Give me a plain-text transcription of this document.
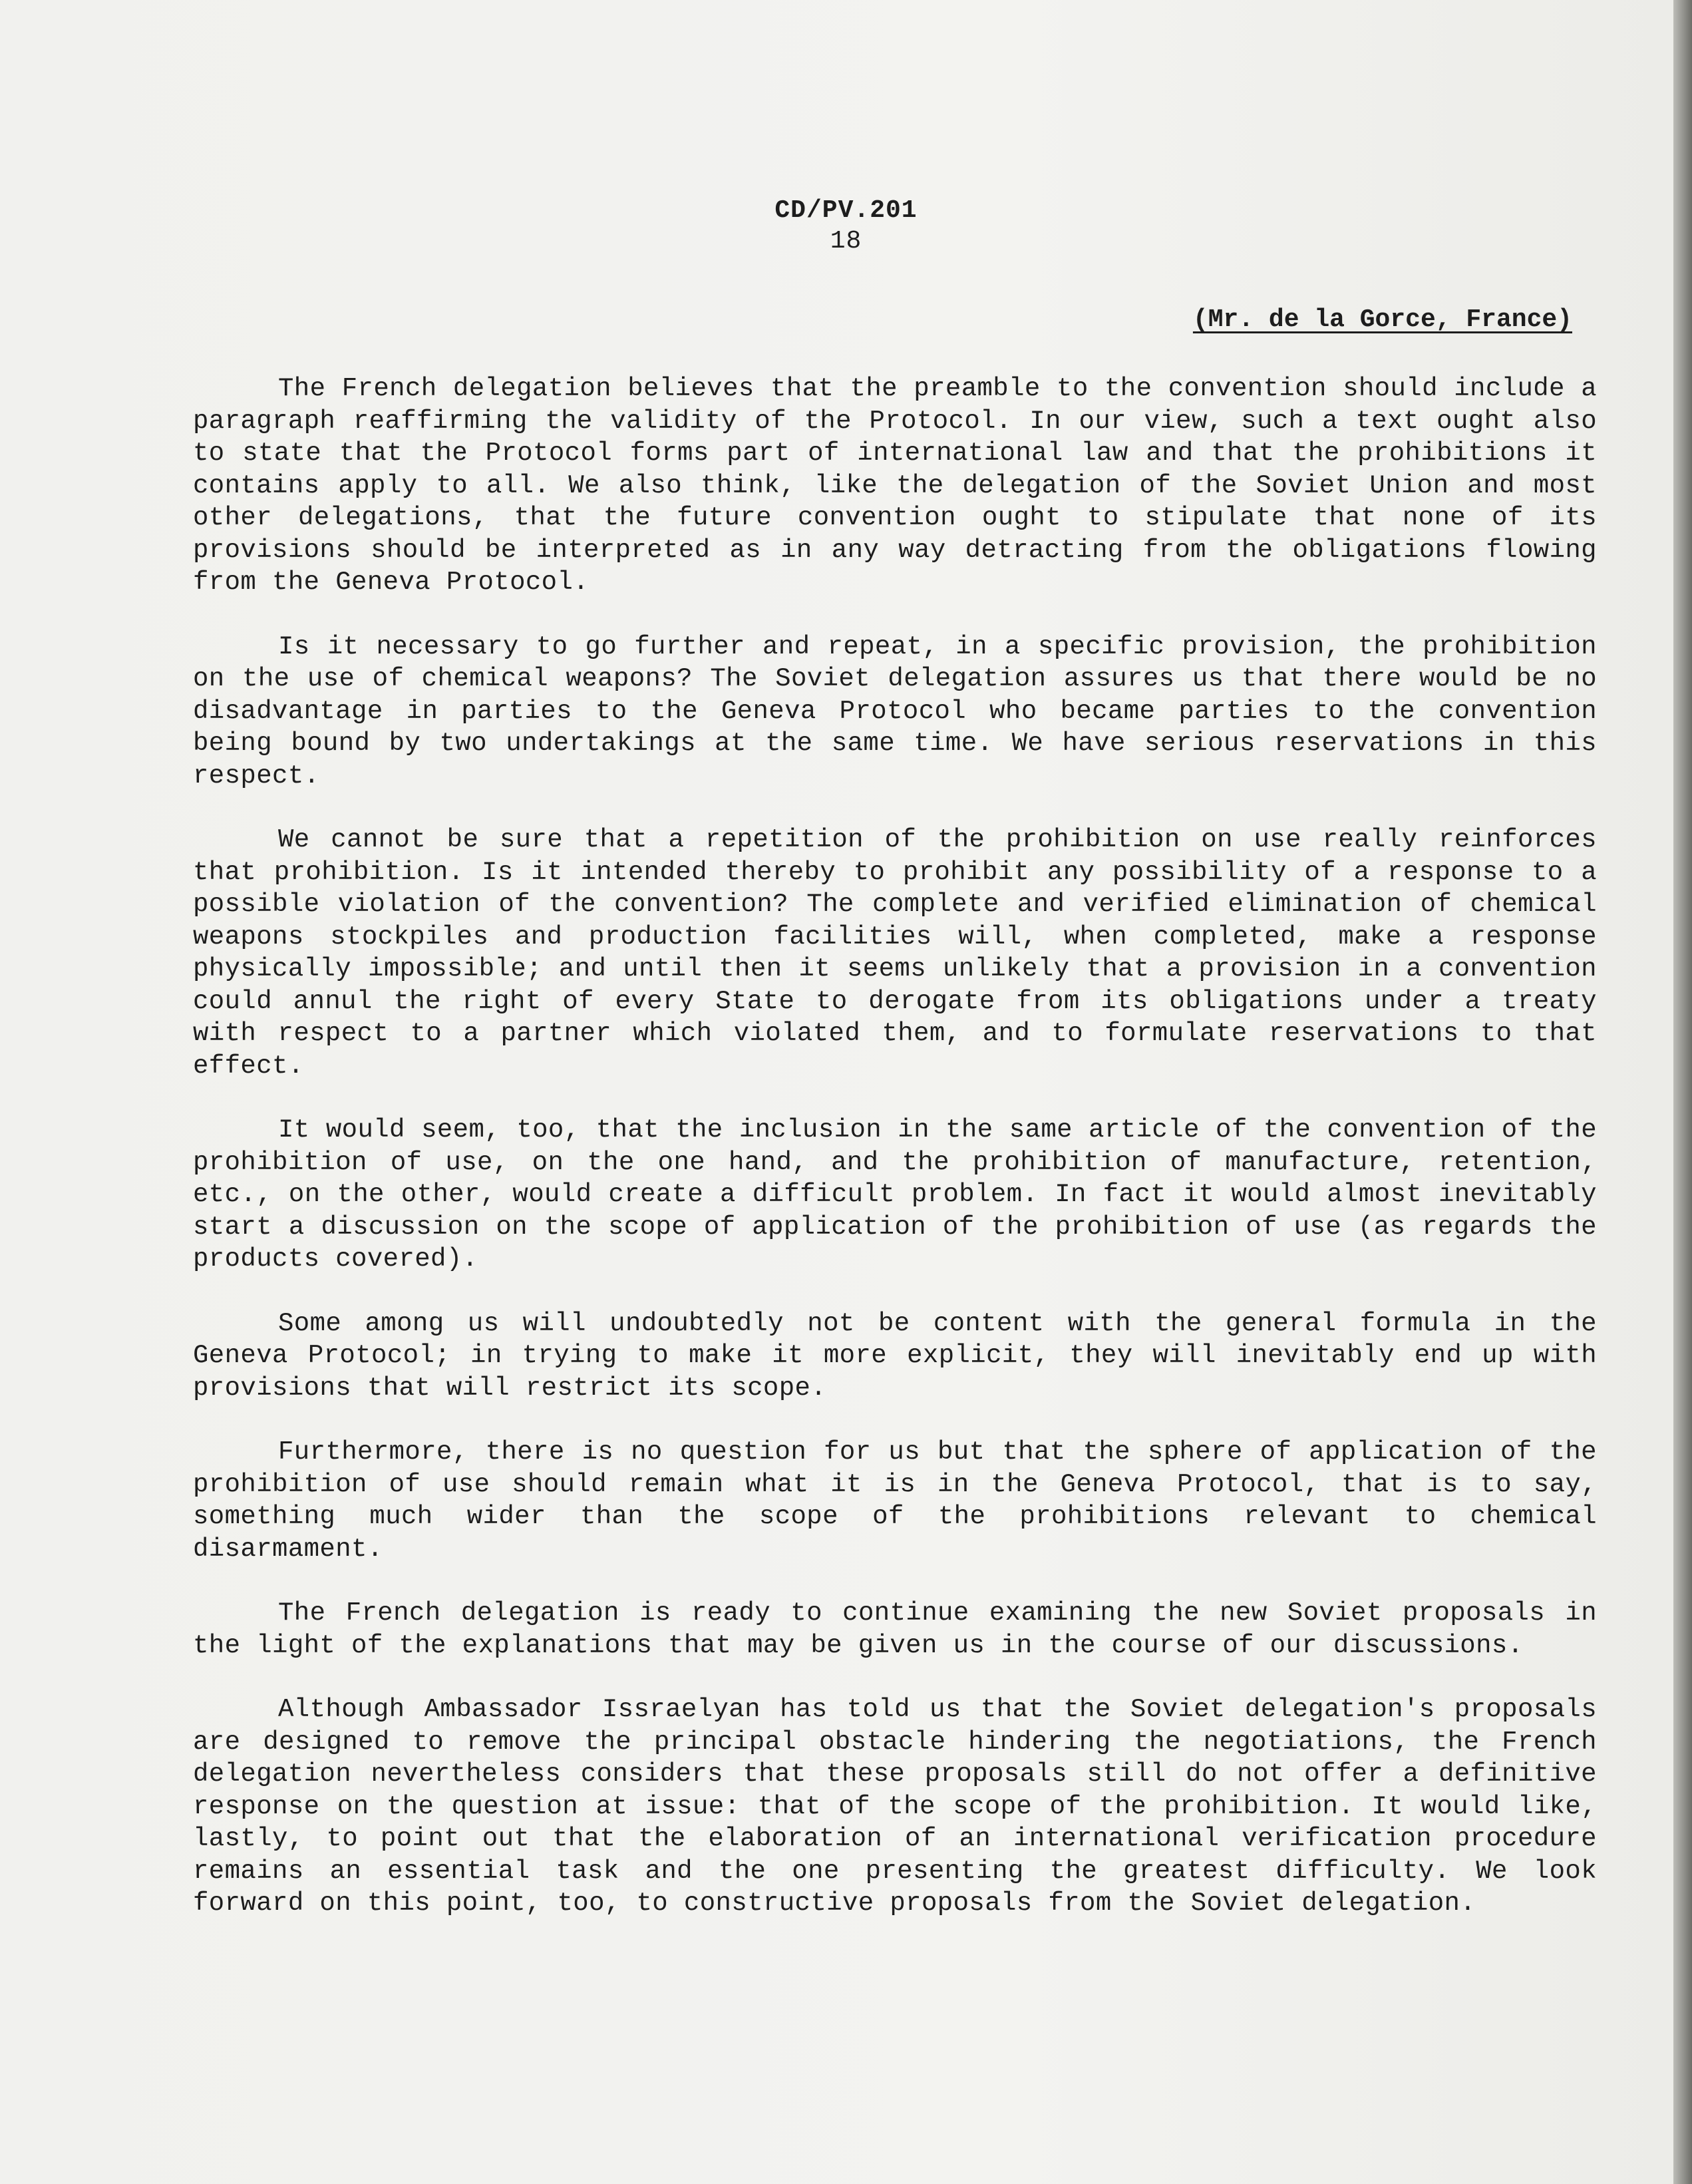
CD/PV.201
18
(Mr. de la Gorce, France)

The French delegation believes that the preamble to the convention should include a paragraph reaffirming the validity of the Protocol. In our view, such a text ought also to state that the Protocol forms part of international law and that the prohibitions it contains apply to all. We also think, like the delegation of the Soviet Union and most other delegations, that the future convention ought to stipulate that none of its provisions should be interpreted as in any way detracting from the obligations flowing from the Geneva Protocol.

Is it necessary to go further and repeat, in a specific provision, the prohibition on the use of chemical weapons? The Soviet delegation assures us that there would be no disadvantage in parties to the Geneva Protocol who became parties to the convention being bound by two undertakings at the same time. We have serious reservations in this respect.

We cannot be sure that a repetition of the prohibition on use really reinforces that prohibition. Is it intended thereby to prohibit any possibility of a response to a possible violation of the convention? The complete and verified elimination of chemical weapons stockpiles and production facilities will, when completed, make a response physically impossible; and until then it seems unlikely that a provision in a convention could annul the right of every State to derogate from its obligations under a treaty with respect to a partner which violated them, and to formulate reservations to that effect.

It would seem, too, that the inclusion in the same article of the convention of the prohibition of use, on the one hand, and the prohibition of manufacture, retention, etc., on the other, would create a difficult problem. In fact it would almost inevitably start a discussion on the scope of application of the prohibition of use (as regards the products covered).

Some among us will undoubtedly not be content with the general formula in the Geneva Protocol; in trying to make it more explicit, they will inevitably end up with provisions that will restrict its scope.

Furthermore, there is no question for us but that the sphere of application of the prohibition of use should remain what it is in the Geneva Protocol, that is to say, something much wider than the scope of the prohibitions relevant to chemical disarmament.

The French delegation is ready to continue examining the new Soviet proposals in the light of the explanations that may be given us in the course of our discussions.

Although Ambassador Issraelyan has told us that the Soviet delegation's proposals are designed to remove the principal obstacle hindering the negotiations, the French delegation nevertheless considers that these proposals still do not offer a definitive response on the question at issue: that of the scope of the prohibition. It would like, lastly, to point out that the elaboration of an international verification procedure remains an essential task and the one presenting the greatest difficulty. We look forward on this point, too, to constructive proposals from the Soviet delegation.
